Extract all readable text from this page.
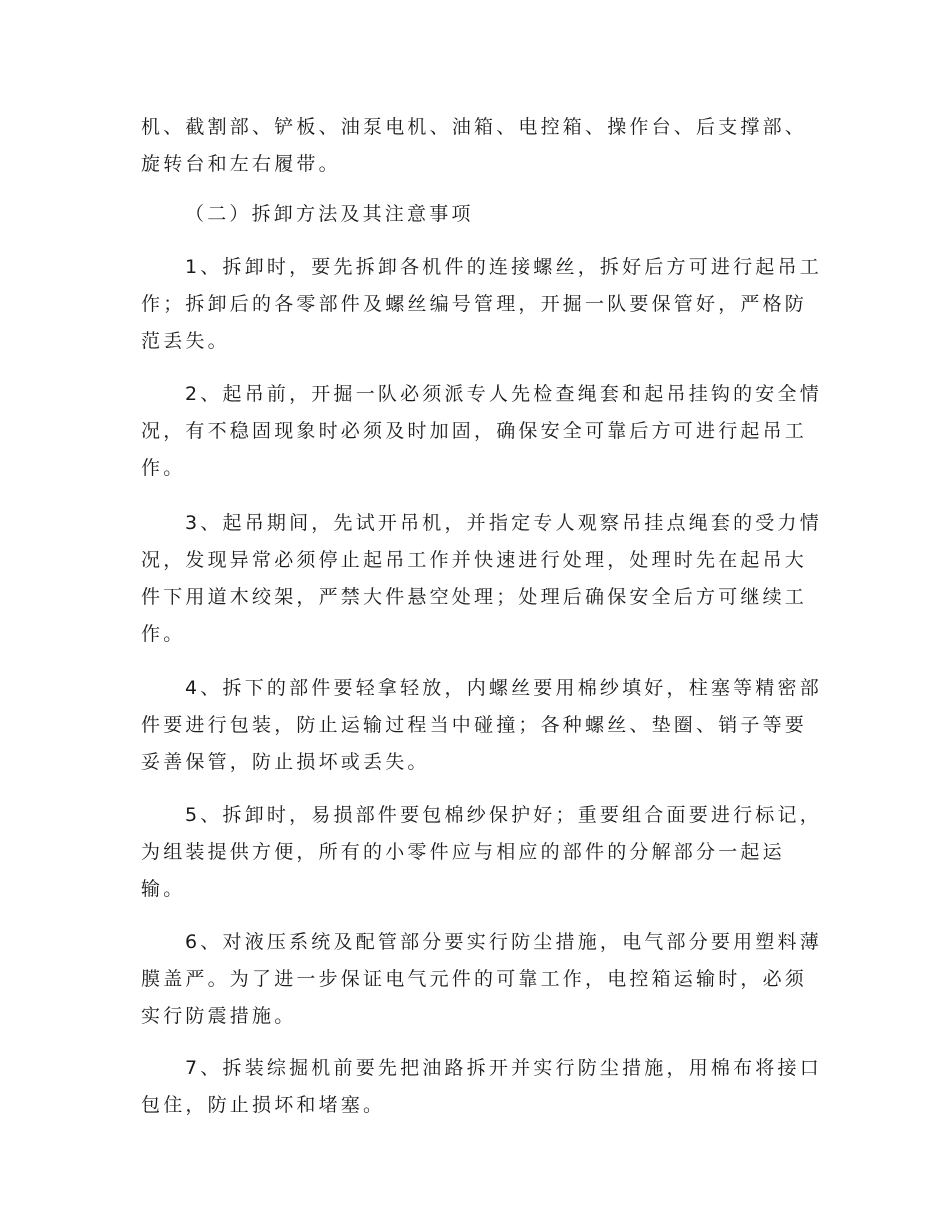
机、截割部、铲板、油泵电机、油箱、电控箱、操作台、后支撑部、
旋转台和左右履带。
（二）拆卸方法及其注意事项
1、拆卸时，要先拆卸各机件的连接螺丝，拆好后方可进行起吊工
作；拆卸后的各零部件及螺丝编号管理，开掘一队要保管好，严格防
范丢失。
2、起吊前，开掘一队必须派专人先检查绳套和起吊挂钩的安全情
况，有不稳固现象时必须及时加固，确保安全可靠后方可进行起吊工
作。
3、起吊期间，先试开吊机，并指定专人观察吊挂点绳套的受力情
况，发现异常必须停止起吊工作并快速进行处理，处理时先在起吊大
件下用道木绞架，严禁大件悬空处理；处理后确保安全后方可继续工
作。
4、拆下的部件要轻拿轻放，内螺丝要用棉纱填好，柱塞等精密部
件要进行包装，防止运输过程当中碰撞；各种螺丝、垫圈、销子等要
妥善保管，防止损坏或丢失。
5、拆卸时，易损部件要包棉纱保护好；重要组合面要进行标记，
为组装提供方便，所有的小零件应与相应的部件的分解部分一起运
输。
6、对液压系统及配管部分要实行防尘措施，电气部分要用塑料薄
膜盖严。为了进一步保证电气元件的可靠工作，电控箱运输时，必须
实行防震措施。
7、拆装综掘机前要先把油路拆开并实行防尘措施，用棉布将接口
包住，防止损坏和堵塞。
